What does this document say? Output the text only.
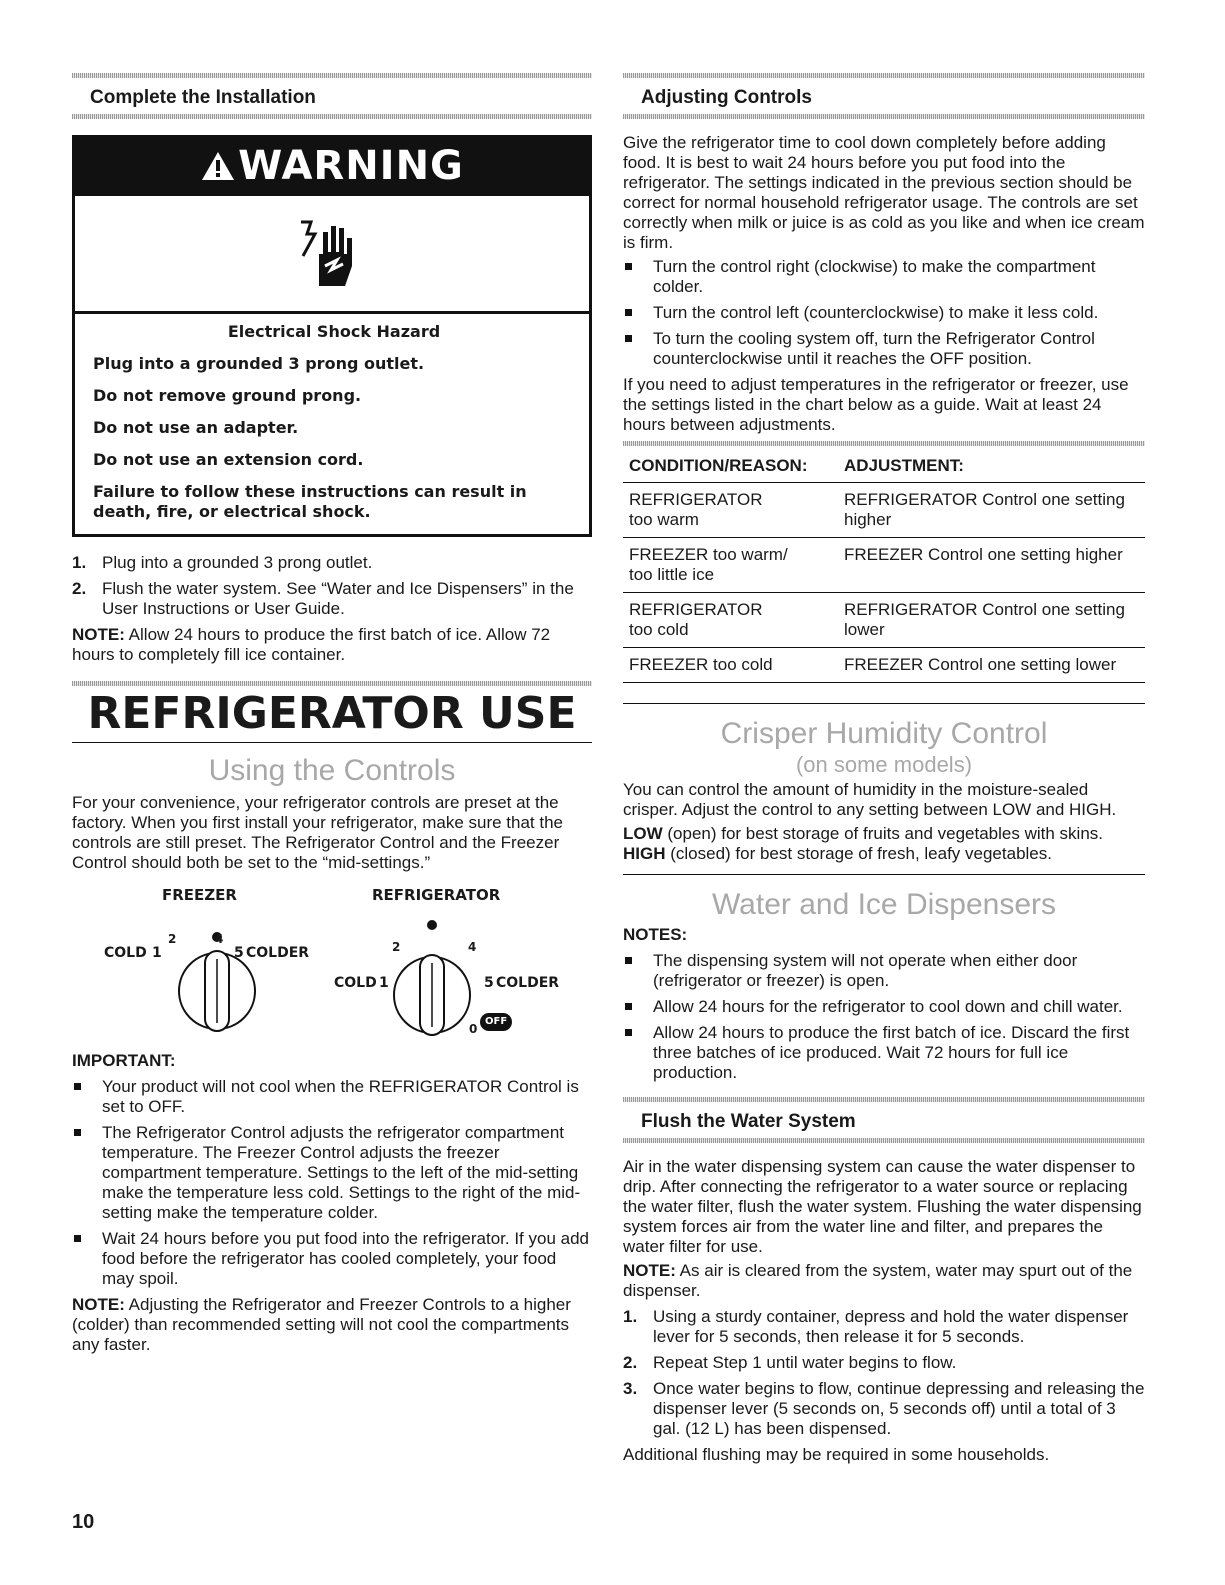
Complete the Installation
WARNING
Electrical Shock Hazard

Plug into a grounded 3 prong outlet.

Do not remove ground prong.

Do not use an adapter.

Do not use an extension cord.

Failure to follow these instructions can result in death, fire, or electrical shock.

1. Plug into a grounded 3 prong outlet.
2. Flush the water system. See “Water and Ice Dispensers” in the User Instructions or User Guide.
NOTE: Allow 24 hours to produce the first batch of ice. Allow 72 hours to completely fill ice container.
REFRIGERATOR USE
Using the Controls
For your convenience, your refrigerator controls are preset at the factory. When you first install your refrigerator, make sure that the controls are still preset. The Refrigerator Control and the Freezer Control should both be set to the “mid-settings.”
FREEZER	REFRIGERATOR
COLD 1
2	4
5 COLDER	2	4
COLD 1	5 COLDER
0
OFF
IMPORTANT:
Your product will not cool when the REFRIGERATOR Control is set to OFF.
The Refrigerator Control adjusts the refrigerator compartment temperature. The Freezer Control adjusts the freezer compartment temperature. Settings to the left of the mid-setting make the temperature less cold. Settings to the right of the mid-setting make the temperature colder.
Wait 24 hours before you put food into the refrigerator. If you add food before the refrigerator has cooled completely, your food may spoil.
NOTE: Adjusting the Refrigerator and Freezer Controls to a higher (colder) than recommended setting will not cool the compartments any faster.
10
Adjusting Controls
Give the refrigerator time to cool down completely before adding food. It is best to wait 24 hours before you put food into the refrigerator. The settings indicated in the previous section should be correct for normal household refrigerator usage. The controls are set correctly when milk or juice is as cold as you like and when ice cream is firm.
Turn the control right (clockwise) to make the compartment colder.
Turn the control left (counterclockwise) to make it less cold.
To turn the cooling system off, turn the Refrigerator Control counterclockwise until it reaches the OFF position.
If you need to adjust temperatures in the refrigerator or freezer, use the settings listed in the chart below as a guide. Wait at least 24 hours between adjustments.
CONDITION/REASON:	ADJUSTMENT:
REFRIGERATOR too warm	REFRIGERATOR Control one setting higher
FREEZER too warm/ too little ice	FREEZER Control one setting higher
REFRIGERATOR too cold	REFRIGERATOR Control one setting lower
FREEZER too cold	FREEZER Control one setting lower
Crisper Humidity Control
(on some models)
You can control the amount of humidity in the moisture-sealed crisper. Adjust the control to any setting between LOW and HIGH.
LOW (open) for best storage of fruits and vegetables with skins.
HIGH (closed) for best storage of fresh, leafy vegetables.
Water and Ice Dispensers
NOTES:
The dispensing system will not operate when either door (refrigerator or freezer) is open.
Allow 24 hours for the refrigerator to cool down and chill water.
Allow 24 hours to produce the first batch of ice. Discard the first three batches of ice produced. Wait 72 hours for full ice production.
Flush the Water System
Air in the water dispensing system can cause the water dispenser to drip. After connecting the refrigerator to a water source or replacing the water filter, flush the water system. Flushing the water dispensing system forces air from the water line and filter, and prepares the water filter for use.
NOTE: As air is cleared from the system, water may spurt out of the dispenser.
1. Using a sturdy container, depress and hold the water dispenser lever for 5 seconds, then release it for 5 seconds.
2. Repeat Step 1 until water begins to flow.
3. Once water begins to flow, continue depressing and releasing the dispenser lever (5 seconds on, 5 seconds off) until a total of 3 gal. (12 L) has been dispensed.
Additional flushing may be required in some households.
